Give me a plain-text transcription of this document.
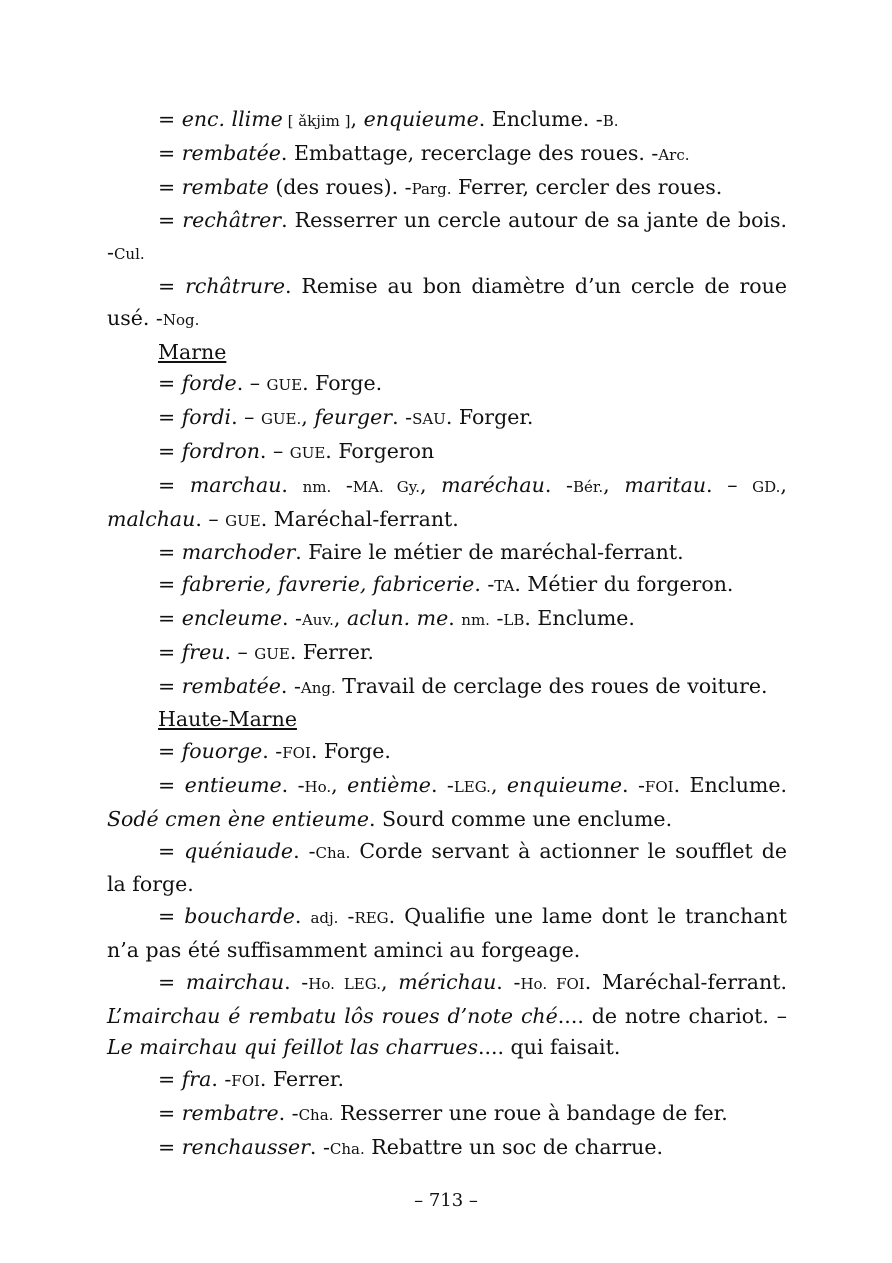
= enc. llime [ ǎkjim ], enquieume. Enclume. -B.

= rembatée. Embattage, recerclage des roues. -Arc.

= rembate (des roues). -Parg. Ferrer, cercler des roues.

= rechâtrer. Resserrer un cercle autour de sa jante de bois. -Cul.

= rchâtrure. Remise au bon diamètre d’un cercle de roue usé. -Nog.

Marne

= forde. – GUE. Forge.

= fordi. – GUE., feurger. -SAU. Forger.

= fordron. – GUE. Forgeron

= marchau. nm. -MA. Gy., maréchau. -Bér., maritau. – GD., malchau. – GUE. Maréchal-ferrant.

= marchoder. Faire le métier de maréchal-ferrant.

= fabrerie, favrerie, fabricerie. -TA. Métier du forgeron.

= encleume. -Auv., aclun. me. nm. -LB. Enclume.

= freu. – GUE. Ferrer.

= rembatée. -Ang. Travail de cerclage des roues de voiture.

Haute-Marne

= fouorge. -FOI. Forge.

= entieume. -Ho., entième. -LEG., enquieume. -FOI. Enclume. Sodé cmen ène entieume. Sourd comme une enclume.

= quéniaude. -Cha. Corde servant à actionner le soufflet de la forge.

= boucharde. adj. -REG. Qualifie une lame dont le tranchant n’a pas été suffisamment aminci au forgeage.

= mairchau. -Ho. LEG., mérichau. -Ho. FOI. Maréchal-ferrant. L’mairchau é rembatu lôs roues d’note ché.... de notre chariot. – Le mairchau qui feillot las charrues.... qui faisait.

= fra. -FOI. Ferrer.

= rembatre. -Cha. Resserrer une roue à bandage de fer.

= renchausser. -Cha. Rebattre un soc de charrue.

– 713 –
